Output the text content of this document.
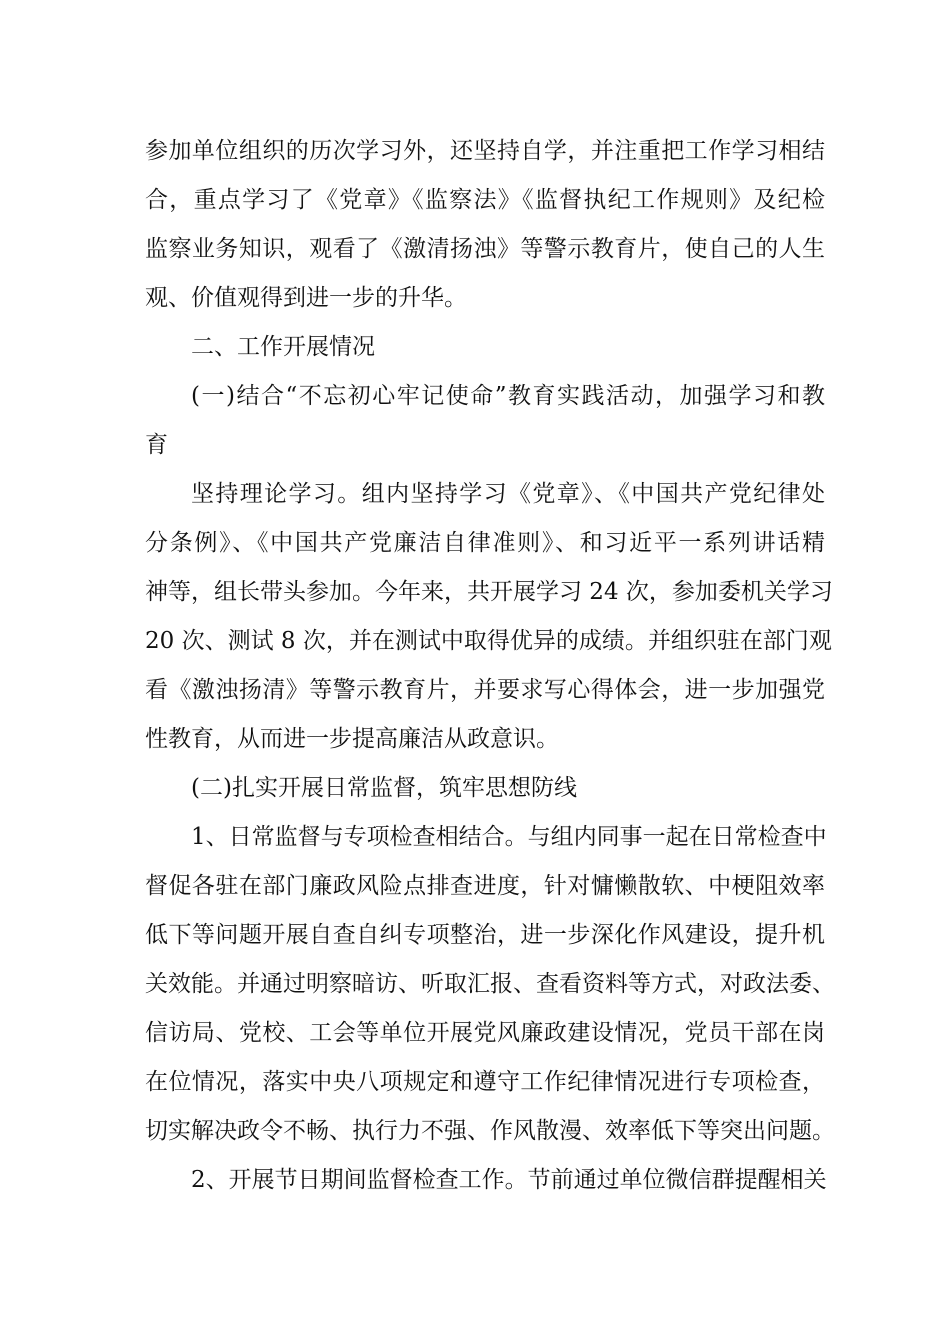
参加单位组织的历次学习外，还坚持自学，并注重把工作学习相结
合，重点学习了《党章》《监察法》《监督执纪工作规则》及纪检
监察业务知识，观看了《激清扬浊》等警示教育片，使自己的人生
观、价值观得到进一步的升华。
二、工作开展情况
(一)结合“不忘初心牢记使命”教育实践活动，加强学习和教
育
坚持理论学习。组内坚持学习《党章》、《中国共产党纪律处
分条例》、《中国共产党廉洁自律准则》、和习近平一系列讲话精
神等，组长带头参加。今年来，共开展学习 24 次，参加委机关学习
20 次、测试 8 次，并在测试中取得优异的成绩。并组织驻在部门观
看《激浊扬清》等警示教育片，并要求写心得体会，进一步加强党
性教育，从而进一步提高廉洁从政意识。
(二)扎实开展日常监督，筑牢思想防线
1、日常监督与专项检查相结合。与组内同事一起在日常检查中
督促各驻在部门廉政风险点排查进度，针对慵懒散软、中梗阻效率
低下等问题开展自查自纠专项整治，进一步深化作风建设，提升机
关效能。并通过明察暗访、听取汇报、查看资料等方式，对政法委、
信访局、党校、工会等单位开展党风廉政建设情况，党员干部在岗
在位情况，落实中央八项规定和遵守工作纪律情况进行专项检查，
切实解决政令不畅、执行力不强、作风散漫、效率低下等突出问题。
2、开展节日期间监督检查工作。节前通过单位微信群提醒相关
